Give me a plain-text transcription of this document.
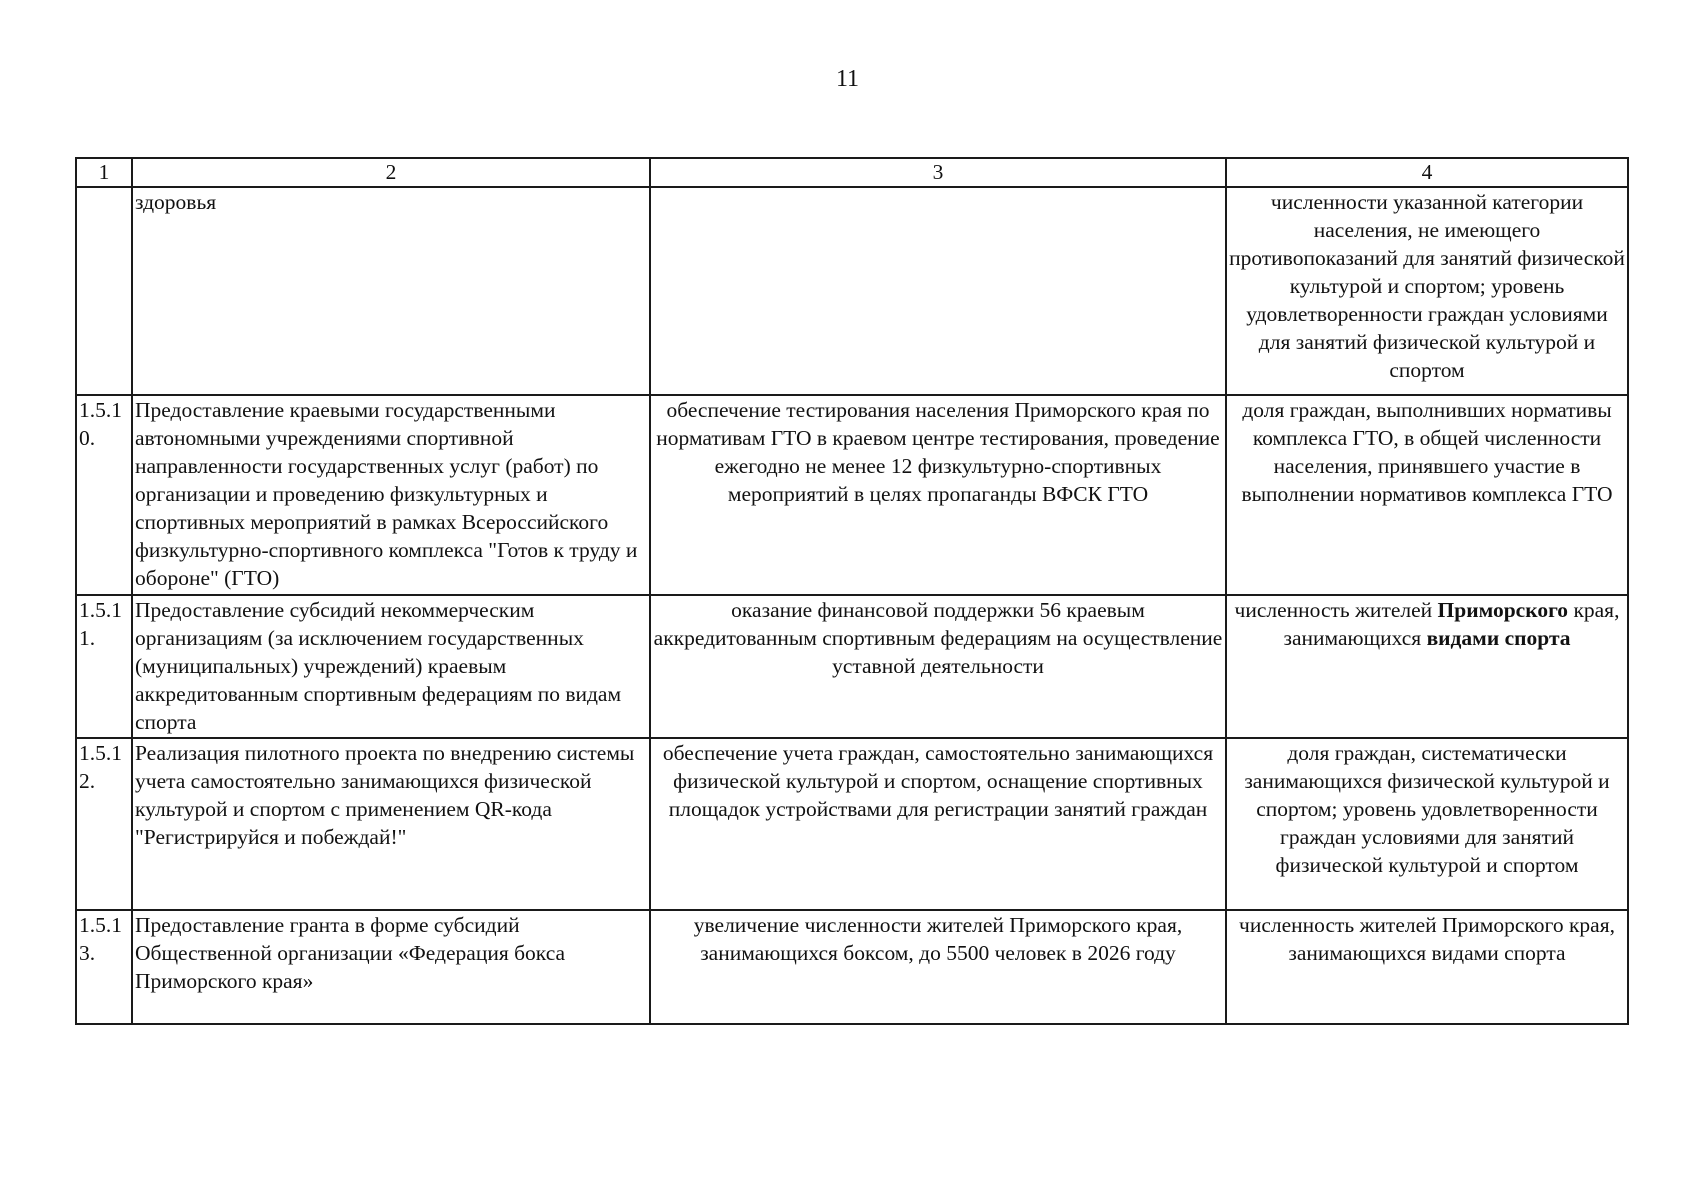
11
1	2	3	4
	здоровья		численности указанной категории населения, не имеющего противопоказаний для занятий физической культурой и спортом; уровень удовлетворенности граждан условиями для занятий физической культурой и спортом
1.5.10.	Предоставление краевыми государственными автономными учреждениями спортивной направленности государственных услуг (работ) по организации и проведению физкультурных и спортивных мероприятий в рамках Всероссийского физкультурно-спортивного комплекса "Готов к труду и обороне" (ГТО)	обеспечение тестирования населения Приморского края по нормативам ГТО в краевом центре тестирования, проведение ежегодно не менее 12 физкультурно-спортивных мероприятий в целях пропаганды ВФСК ГТО	доля граждан, выполнивших нормативы комплекса ГТО, в общей численности населения, принявшего участие в выполнении нормативов комплекса ГТО
1.5.11.	Предоставление субсидий некоммерческим организациям (за исключением государственных (муниципальных) учреждений) краевым аккредитованным спортивным федерациям по видам спорта	оказание финансовой поддержки 56 краевым аккредитованным спортивным федерациям на осуществление уставной деятельности	численность жителей Приморского края, занимающихся видами спорта
1.5.12.	Реализация пилотного проекта по внедрению системы учета самостоятельно занимающихся физической культурой и спортом с применением QR-кода "Регистрируйся и побеждай!"	обеспечение учета граждан, самостоятельно занимающихся физической культурой и спортом, оснащение спортивных площадок устройствами для регистрации занятий граждан	доля граждан, систематически занимающихся физической культурой и спортом; уровень удовлетворенности граждан условиями для занятий физической культурой и спортом
1.5.13.	Предоставление гранта в форме субсидий Общественной организации «Федерация бокса Приморского края»	увеличение численности жителей Приморского края, занимающихся боксом, до 5500 человек в 2026 году	численность жителей Приморского края, занимающихся видами спорта
